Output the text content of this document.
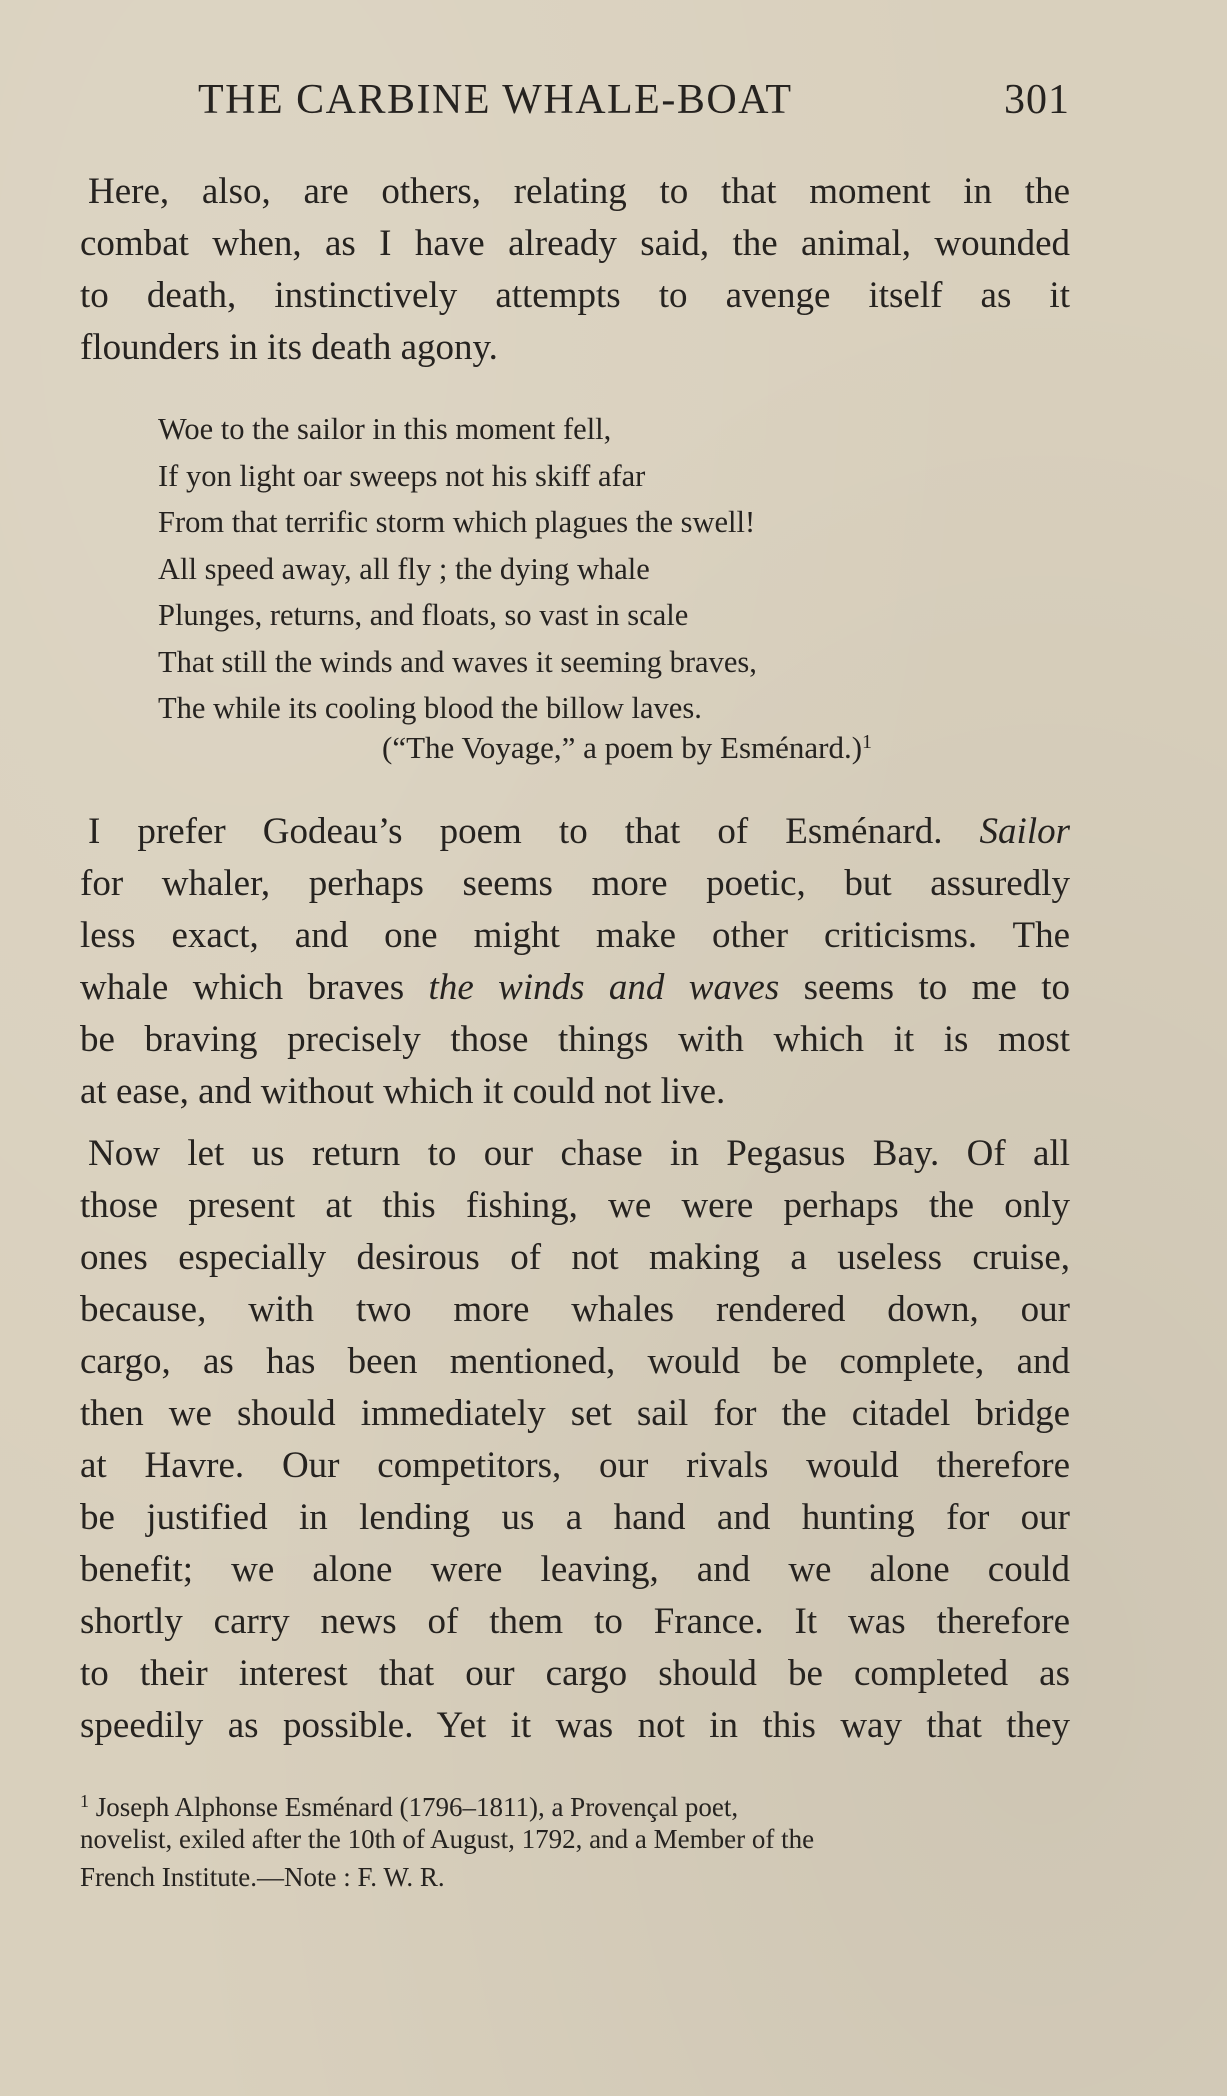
THE CARBINE WHALE-BOAT	301
Here, also, are others, relating to that moment in the
combat when, as I have already said, the animal, wounded
to death, instinctively attempts to avenge itself as it
flounders in its death agony.
Woe to the sailor in this moment fell,
If yon light oar sweeps not his skiff afar
From that terrific storm which plagues the swell!
All speed away, all fly ; the dying whale
Plunges, returns, and floats, so vast in scale
That still the winds and waves it seeming braves,
The while its cooling blood the billow laves.
(“The Voyage,” a poem by Esménard.)$^1$
I prefer Godeau’s poem to that of Esménard. Sailor
for whaler, perhaps seems more poetic, but assuredly
less exact, and one might make other criticisms. The
whale which braves the winds and waves seems to me to
be braving precisely those things with which it is most
at ease, and without which it could not live.
Now let us return to our chase in Pegasus Bay. Of all
those present at this fishing, we were perhaps the only
ones especially desirous of not making a useless cruise,
because, with two more whales rendered down, our
cargo, as has been mentioned, would be complete, and
then we should immediately set sail for the citadel bridge
at Havre. Our competitors, our rivals would therefore
be justified in lending us a hand and hunting for our
benefit; we alone were leaving, and we alone could
shortly carry news of them to France. It was therefore
to their interest that our cargo should be completed as
speedily as possible. Yet it was not in this way that they
$^1$ Joseph Alphonse Esménard (1796–1811), a Provençal poet,
novelist, exiled after the 10th of August, 1792, and a Member of the
French Institute.—Note : F. W. R.
